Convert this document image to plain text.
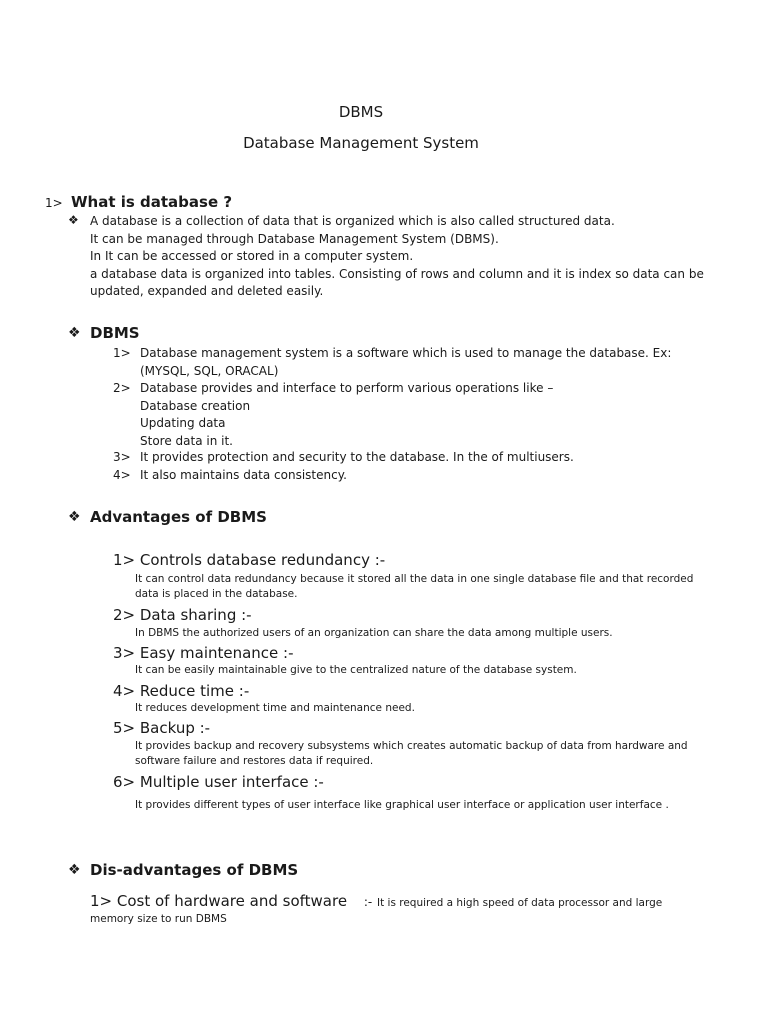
DBMS
Database Management System
1> What is database ?
❖ A database is a collection of data that is organized which is also called structured data.
It can be managed through Database Management System (DBMS).
In It can be accessed or stored in a computer system.
a database data is organized into tables. Consisting of rows and column and it is index so data can be
updated, expanded and deleted easily.
❖ DBMS
1> Database management system is a software which is used to manage the database. Ex:
(MYSQL, SQL, ORACAL)
2> Database provides and interface to perform various operations like –
Database creation
Updating data
Store data in it.
3> It provides protection and security to the database. In the of multiusers.
4> It also maintains data consistency.
❖ Advantages of DBMS
1> Controls database redundancy :-
It can control data redundancy because it stored all the data in one single database file and that recorded
data is placed in the database.
2> Data sharing :-
In DBMS the authorized users of an organization can share the data among multiple users.
3> Easy maintenance :-
It can be easily maintainable give to the centralized nature of the database system.
4> Reduce time :-
It reduces development time and maintenance need.
5> Backup :-
It provides backup and recovery subsystems which creates automatic backup of data from hardware and
software failure and restores data if required.
6> Multiple user interface :-
It provides different types of user interface like graphical user interface or application user interface .
❖ Dis-advantages of DBMS
1> Cost of hardware and software :- It is required a high speed of data processor and large
memory size to run DBMS
